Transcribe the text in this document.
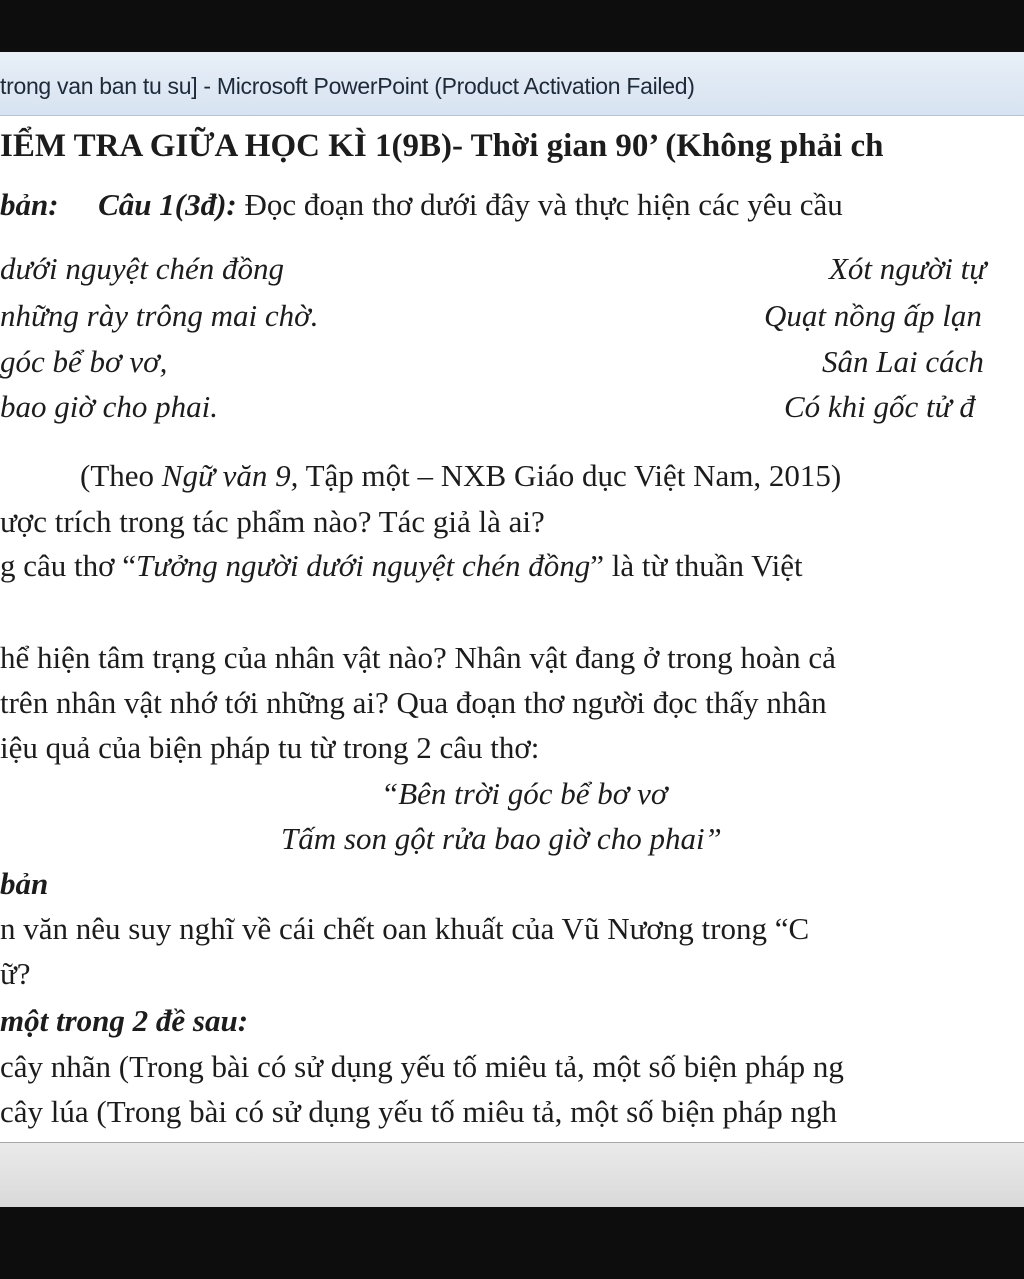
trong van ban tu su] - Microsoft PowerPoint (Product Activation Failed)
IỂM TRA GIỮA HỌC KÌ 1(9B)- Thời gian 90’ (Không phải ch
bản: Câu 1(3đ): Đọc đoạn thơ dưới đây và thực hiện các yêu cầu
dưới nguyệt chén đồng
những rày trông mai chờ.
góc bể bơ vơ,
bao giờ cho phai.
Xót người tự
Quạt nồng ấp lạn
Sân Lai cách
Có khi gốc tử đ
(Theo Ngữ văn 9, Tập một – NXB Giáo dục Việt Nam, 2015)
ược trích trong tác phẩm nào? Tác giả là ai?
g câu thơ “Tưởng người dưới nguyệt chén đồng” là từ thuần Việt
hể hiện tâm trạng của nhân vật nào? Nhân vật đang ở trong hoàn cả
trên nhân vật nhớ tới những ai? Qua đoạn thơ người đọc thấy nhân
iệu quả của biện pháp tu từ trong 2 câu thơ:
“Bên trời góc bể bơ vơ
Tấm son gột rửa bao giờ cho phai”
bản
n văn nêu suy nghĩ về cái chết oan khuất của Vũ Nương trong “C
ữ?
một trong 2 đề sau:
cây nhãn (Trong bài có sử dụng yếu tố miêu tả, một số biện pháp ng
cây lúa (Trong bài có sử dụng yếu tố miêu tả, một số biện pháp ngh
